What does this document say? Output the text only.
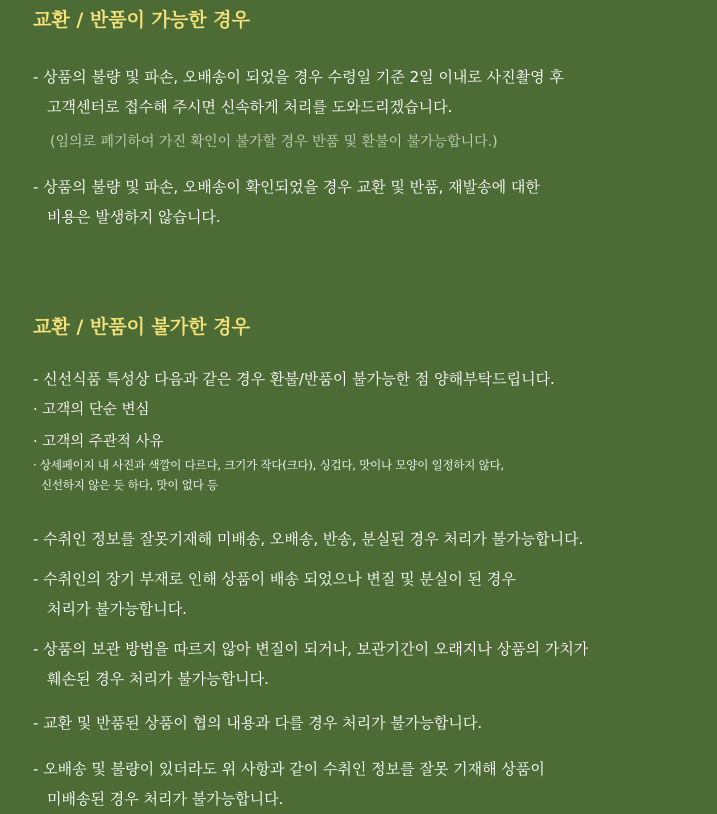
교환 / 반품이 가능한 경우
- 상품의 불량 및 파손, 오배송이 되었을 경우 수령일 기준 2일 이내로 사진촬영 후
고객센터로 접수해 주시면 신속하게 처리를 도와드리겠습니다.

(임의로 폐기하여 가진 확인이 불가할 경우 반품 및 환불이 불가능합니다.)

- 상품의 불량 및 파손, 오배송이 확인되었을 경우 교환 및 반품, 재발송에 대한
비용은 발생하지 않습니다.
교환 / 반품이 불가한 경우

- 신선식품 특성상 다음과 같은 경우 환불/반품이 불가능한 점 양해부탁드립니다.

· 고객의 단순 변심

· 고객의 주관적 사유

· 상세페이지 내 사진과 색깔이 다르다, 크기가 작다(크다), 싱겁다, 맛이나 모양이 일정하지 않다,
신선하지 않은 듯 하다, 맛이 없다 등

- 수취인 정보를 잘못기재해 미배송, 오배송, 반송, 분실된 경우 처리가 불가능합니다.

- 수취인의 장기 부재로 인해 상품이 배송 되었으나 변질 및 분실이 된 경우
처리가 불가능합니다.
- 상품의 보관 방법을 따르지 않아 변질이 되거나, 보관기간이 오래지나 상품의 가치가
훼손된 경우 처리가 불가능합니다.

- 교환 및 반품된 상품이 협의 내용과 다를 경우 처리가 불가능합니다.

- 오배송 및 불량이 있더라도 위 사항과 같이 수취인 정보를 잘못 기재해 상품이
미배송된 경우 처리가 불가능합니다.
